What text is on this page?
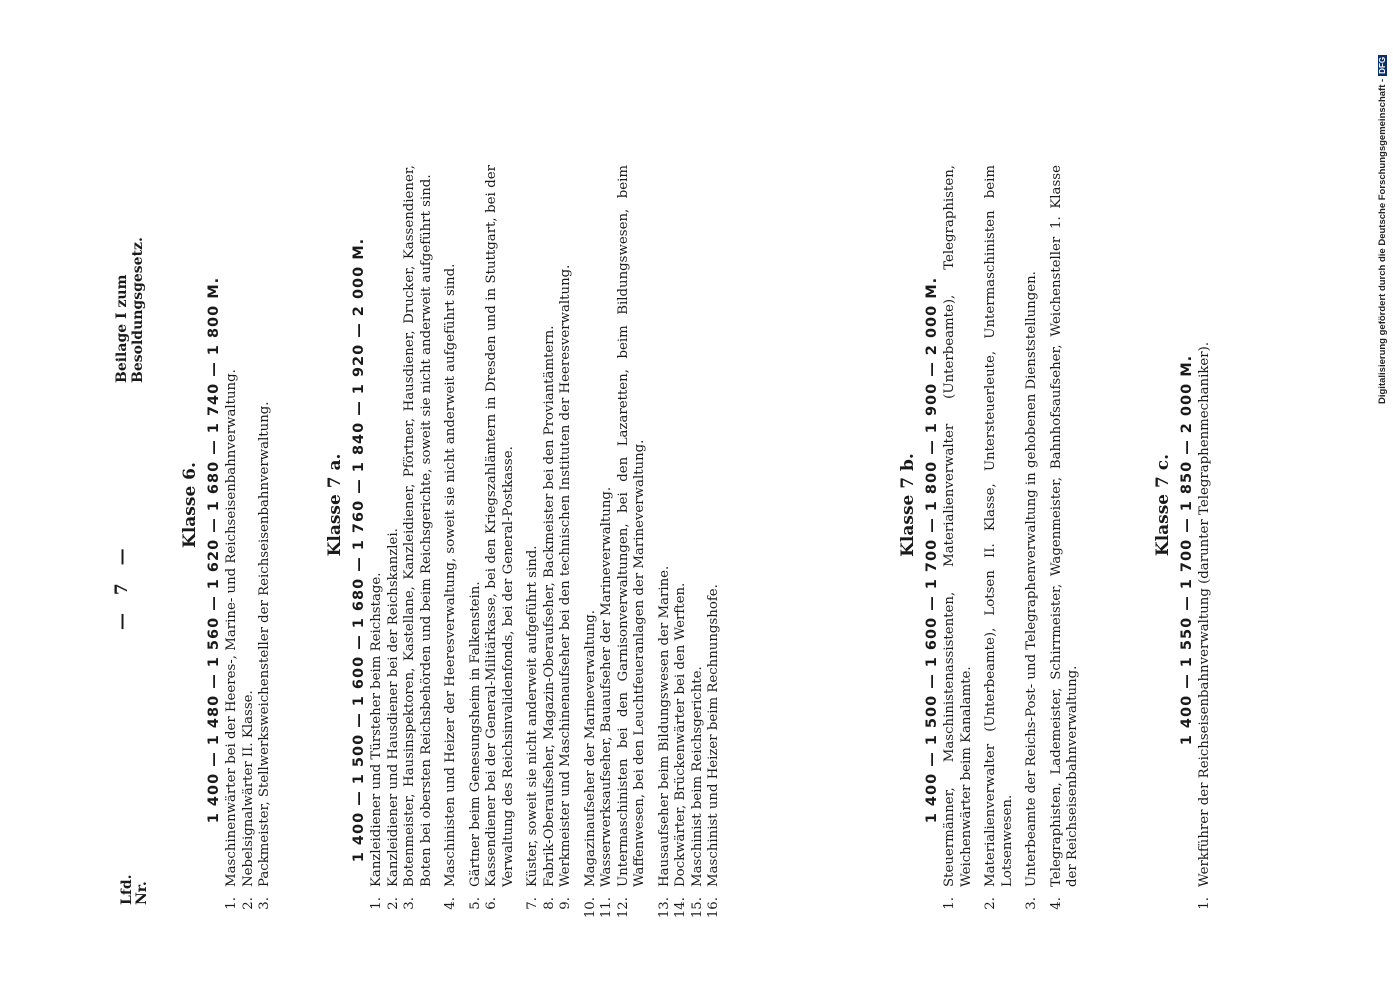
Lfd. Nr.
— 7 —
Beilage I zum Besoldungsgesetz.
Klasse 6. 1 400 — 1 480 — 1 560 — 1 620 — 1 680 — 1 740 — 1 800 M.
1.
Maschinenwärter bei der Heeres-, Marine- und Reichseisenbahnverwaltung.
2.
Nebelsignalwärter II. Klasse.
3.
Packmeister, Stellwerksweichensteller der Reichseisenbahnverwaltung.	Klasse 7 a. 1 400 — 1 500 — 1 600 — 1 680 — 1 760 — 1 840 — 1 920 — 2 000 M.
1.
Kanzleidiener und Türsteher beim Reichstage.
2.
Kanzleidiener und Hausdiener bei der Reichskanzlei.
3.
Botenmeister, Hausinspektoren, Kastellane, Kanzleidiener, Pförtner, Hausdiener, Drucker, Kassendiener, Boten bei obersten Reichsbehörden und beim Reichsgerichte, soweit sie nicht anderweit aufgeführt sind.
4.
Maschinisten und Heizer der Heeresverwaltung, soweit sie nicht anderweit aufgeführt sind.
5.
Gärtner beim Genesungsheim in Falkenstein.
6.
Kassendiener bei der General-Militärkasse, bei den Kriegszahlämtern in Dresden und in Stuttgart, bei der Verwaltung des Reichsinvalidenfonds, bei der General-Postkasse.
7.
Küster, soweit sie nicht anderweit aufgeführt sind.
8.
Fabrik-Oberaufseher, Magazin-Oberaufseher, Backmeister bei den Proviantämtern.
9.
Werkmeister und Maschinenaufseher bei den technischen Instituten der Heeresverwaltung.
10.
Magazinaufseher der Marineverwaltung.
11.
Wasserwerksaufseher, Bauaufseher der Marineverwaltung.
12.
Untermaschinisten bei den Garnisonverwaltungen, bei den Lazaretten, beim Bildungswesen, beim Waffenwesen, bei den Leuchtfeueranlagen der Marineverwaltung.
13.
Hausaufseher beim Bildungswesen der Marine.
14.
Dockwärter, Brückenwärter bei den Werften.
15.
Maschinist beim Reichsgerichte.
16.
Maschinist und Heizer beim Rechnungshofe.
Klasse 7 b. 1 400 — 1 500 — 1 600 — 1 700 — 1 800 — 1 900 — 2 000 M.
1.
Steuermänner, Maschinistenassistenten, Materialienverwalter (Unterbeamte), Telegraphisten, Weichenwärter beim Kanalamte.
2.
Materialienverwalter (Unterbeamte), Lotsen II. Klasse, Untersteuerleute, Untermaschinisten beim Lotsenwesen.
3.
Unterbeamte der Reichs-Post- und Telegraphenverwaltung in gehobenen Dienststellungen.
4.
Telegraphisten, Lademeister, Schirrmeister, Wagenmeister, Bahnhofsaufseher, Weichensteller 1. Klasse der Reichseisenbahnverwaltung.
Klasse 7 c. 1 400 — 1 550 — 1 700 — 1 850 — 2 000 M.
1.
Werkführer der Reichseisenbahnverwaltung (darunter Telegraphenmechaniker).
Digitalisierung gefördert durch die Deutsche Forschungsgemeinschaft -DFG
